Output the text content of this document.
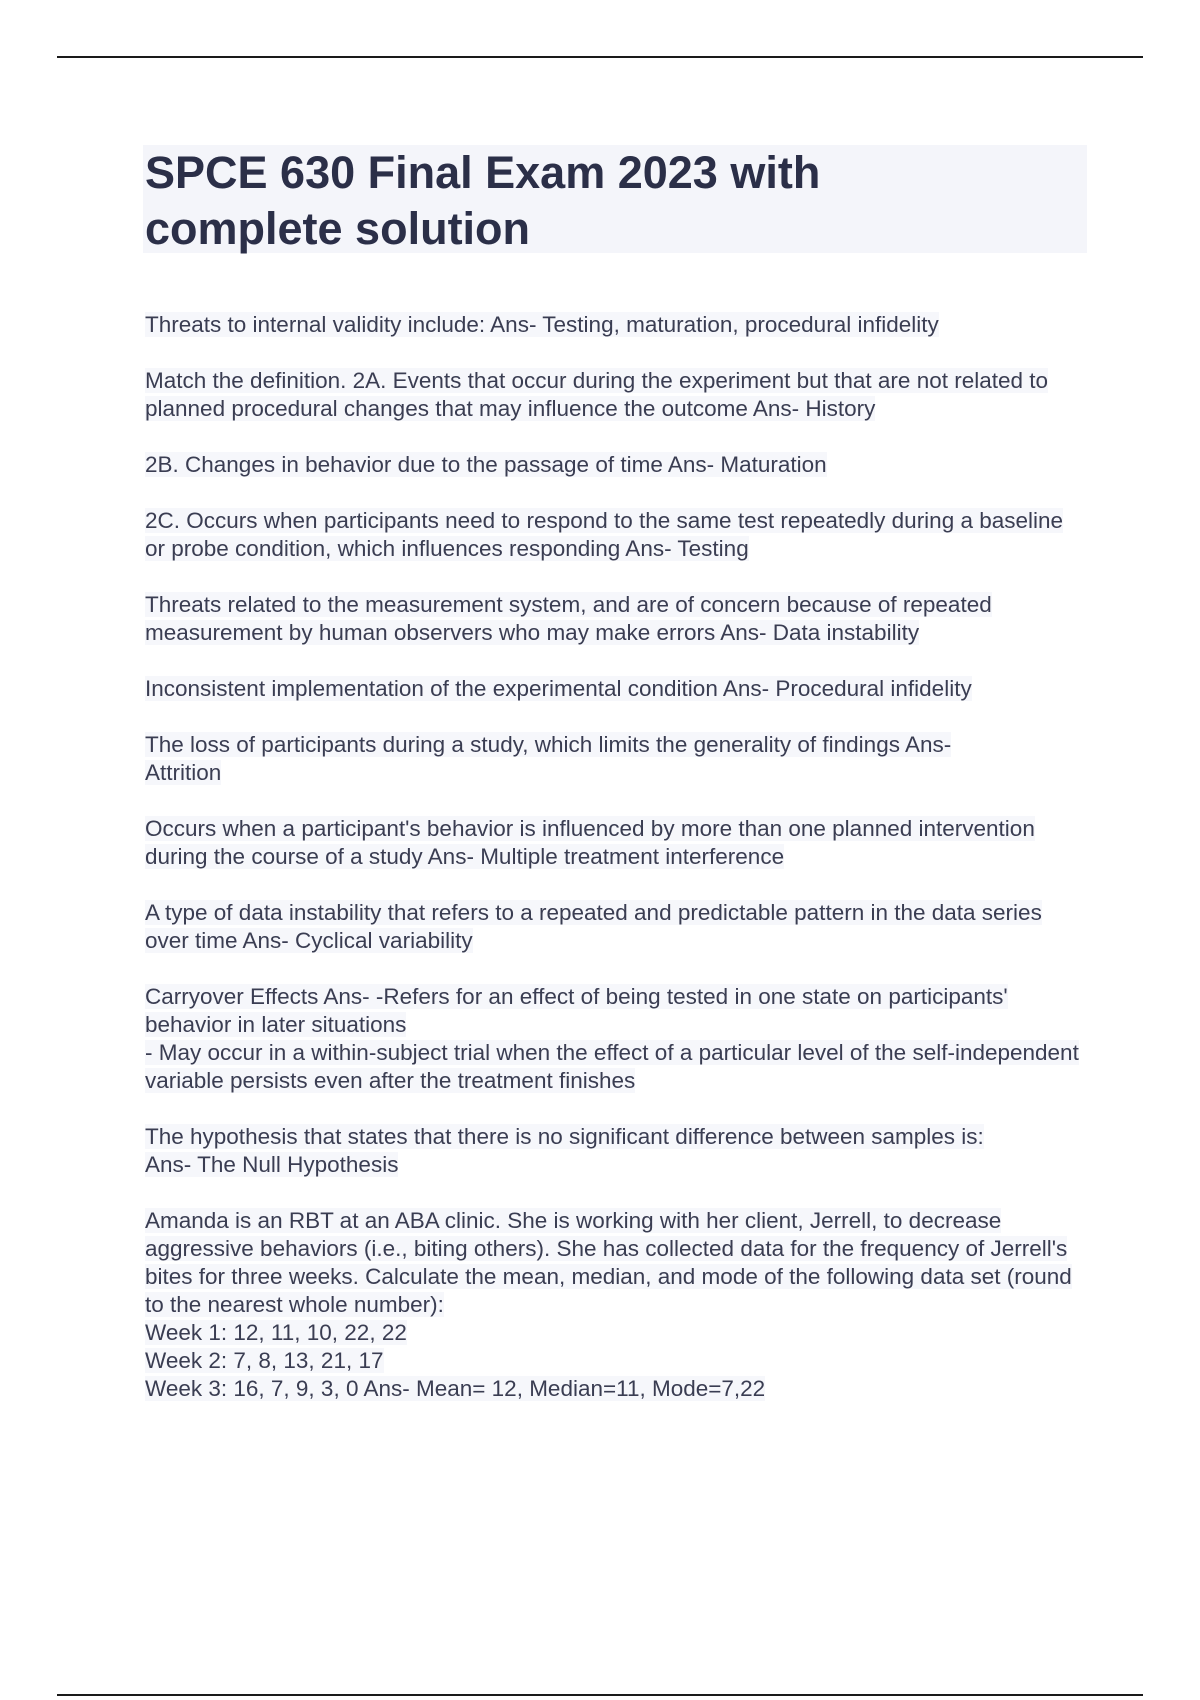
SPCE 630 Final Exam 2023 with
complete solution

Threats to internal validity include: Ans- Testing, maturation, procedural infidelity

Match the definition. 2A. Events that occur during the experiment but that are not related to planned procedural changes that may influence the outcome Ans- History

2B. Changes in behavior due to the passage of time Ans- Maturation

2C. Occurs when participants need to respond to the same test repeatedly during a baseline or probe condition, which influences responding Ans- Testing

Threats related to the measurement system, and are of concern because of repeated measurement by human observers who may make errors Ans- Data instability

Inconsistent implementation of the experimental condition Ans- Procedural infidelity

The loss of participants during a study, which limits the generality of findings Ans-
Attrition

Occurs when a participant's behavior is influenced by more than one planned intervention during the course of a study Ans- Multiple treatment interference

A type of data instability that refers to a repeated and predictable pattern in the data series over time Ans- Cyclical variability

Carryover Effects Ans- -Refers for an effect of being tested in one state on participants' behavior in later situations
- May occur in a within-subject trial when the effect of a particular level of the self-independent variable persists even after the treatment finishes

The hypothesis that states that there is no significant difference between samples is:
Ans- The Null Hypothesis

Amanda is an RBT at an ABA clinic. She is working with her client, Jerrell, to decrease aggressive behaviors (i.e., biting others). She has collected data for the frequency of Jerrell's bites for three weeks. Calculate the mean, median, and mode of the following data set (round to the nearest whole number):
Week 1: 12, 11, 10, 22, 22
Week 2: 7, 8, 13, 21, 17
Week 3: 16, 7, 9, 3, 0 Ans- Mean= 12, Median=11, Mode=7,22
